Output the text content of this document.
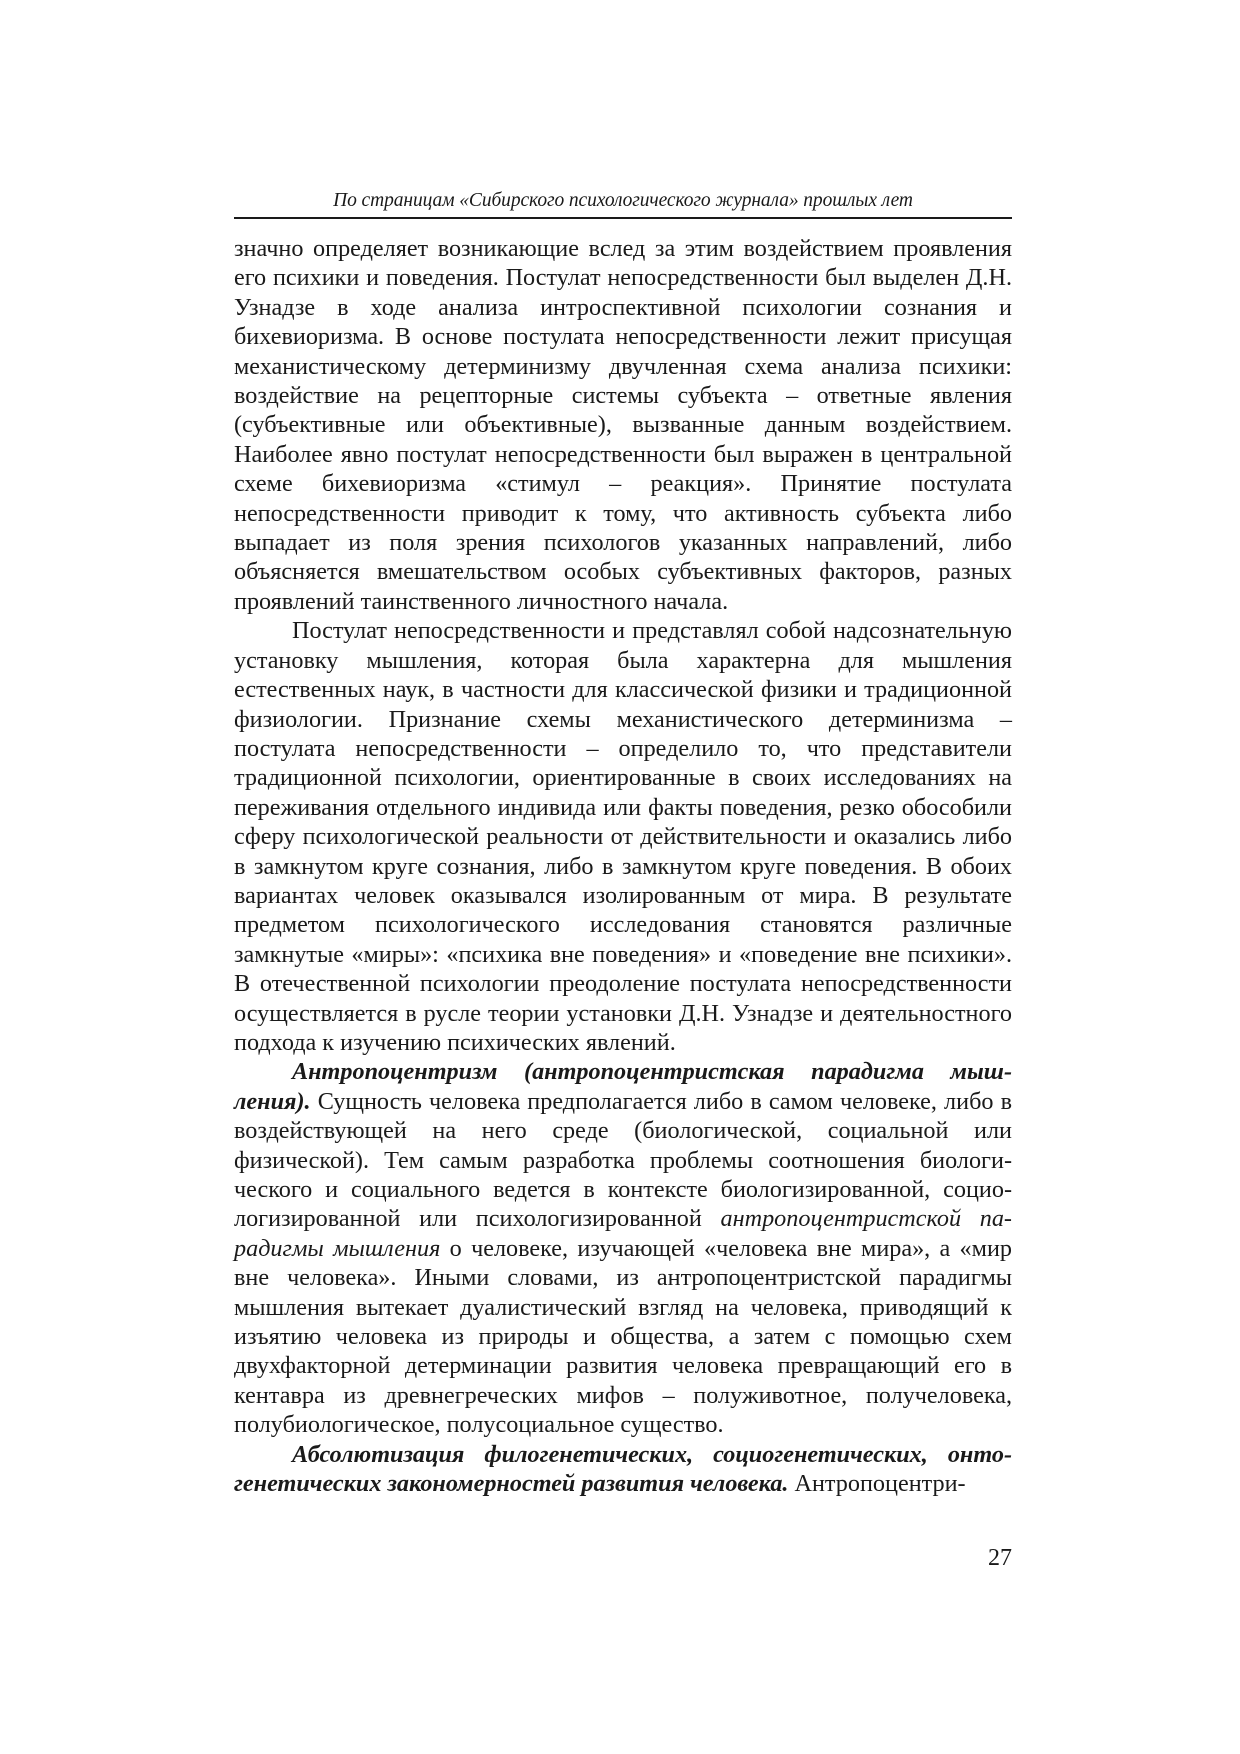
По страницам «Сибирского психологического журнала» прошлых лет

значно определяет возникающие вслед за этим воздействием проявления его психики и поведения. Постулат непосредственности был выделен Д.Н. Узнадзе в ходе анализа интроспективной психологии сознания и бихевиоризма. В основе постулата непосредственности лежит присущая механистическому детерминизму двучленная схема анализа психики: воздействие на рецепторные системы субъекта – ответные явления (субъективные или объективные), вызванные данным воздействием. Наиболее явно постулат непосредственности был выражен в центральной схеме бихевиоризма «стимул – реакция». Принятие постулата непосредственности приводит к тому, что активность субъекта либо выпадает из поля зрения психологов указанных направлений, либо объясняется вмешательством особых субъективных факторов, разных проявлений таинственного личностного начала.

Постулат непосредственности и представлял собой надсознательную установку мышления, которая была характерна для мышления естественных наук, в частности для классической физики и традиционной физиологии. Признание схемы механистического детерминизма – постулата непосредственности – определило то, что представители традиционной психологии, ориентированные в своих исследованиях на переживания отдельного индивида или факты поведения, резко обособили сферу психологической реальности от действительности и оказались либо в замкнутом круге сознания, либо в замкнутом круге поведения. В обоих вариантах человек оказывался изолированным от мира. В результате предметом психологического исследования становятся различные замкнутые «миры»: «психика вне поведения» и «поведение вне психики». В отечественной психологии преодоление постулата непосредственности осуществляется в русле теории установки Д.Н. Узнадзе и деятельностного подхода к изучению психических явлений.

Антропоцентризм (антропоцентристская парадигма мышления). Сущность человека предполагается либо в самом человеке, либо в воздействующей на него среде (биологической, социальной или физической). Тем самым разработка проблемы соотношения биологического и социального ведется в контексте биологизированной, социологизированной или психологизированной антропоцентристской парадигмы мышления о человеке, изучающей «человека вне мира», а «мир вне человека». Иными словами, из антропоцентристской парадигмы мышления вытекает дуалистический взгляд на человека, приводящий к изъятию человека из природы и общества, а затем с помощью схем двухфакторной детерминации развития человека превращающий его в кентавра из древнегреческих мифов – полуживотное, получеловека, полубиологическое, полусоциальное существо.

Абсолютизация филогенетических, социогенетических, онтогенетических закономерностей развития человека. Антропоцентри-

27
